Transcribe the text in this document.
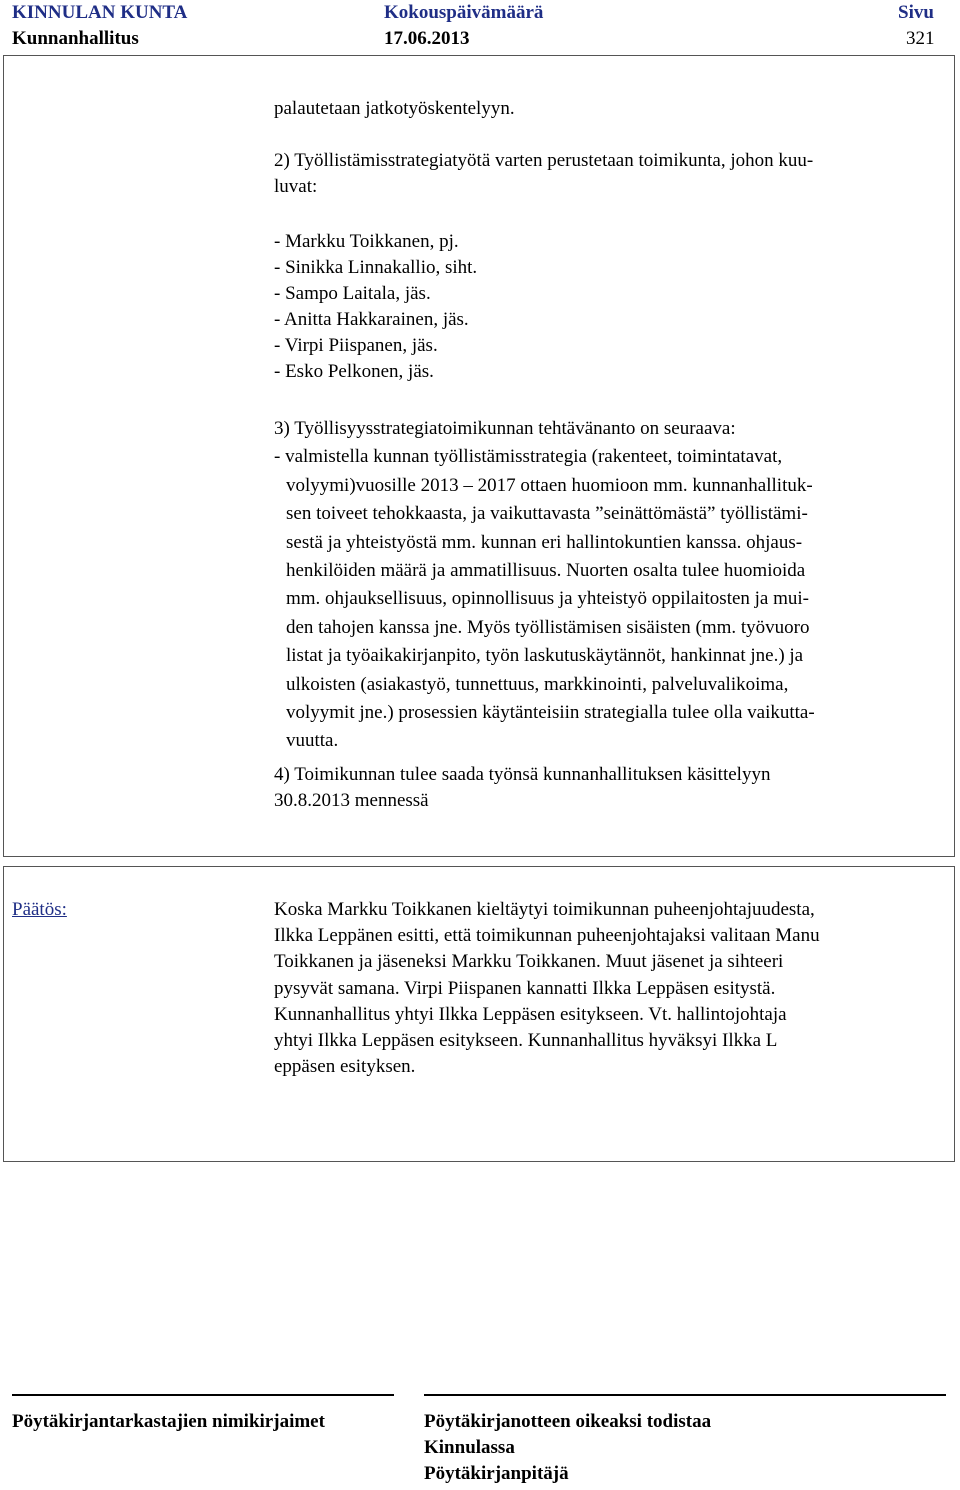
KINNULAN KUNTA
Kunnanhallitus
Kokouspäivämäärä
17.06.2013
Sivu
321
palautetaan jatkotyöskentelyyn.
2) Työllistämisstrategiatyötä varten perustetaan toimikunta, johon kuu-
luvat:
- Markku Toikkanen, pj.
- Sinikka Linnakallio, siht.
- Sampo Laitala, jäs.
- Anitta Hakkarainen, jäs.
- Virpi Piispanen, jäs.
- Esko Pelkonen, jäs.
3) Työllisyysstrategiatoimikunnan tehtävänanto on seuraava:
- valmistella kunnan työllistämisstrategia (rakenteet, toimintatavat,
volyymi)vuosille 2013 – 2017 ottaen huomioon mm. kunnanhallituk-
sen toiveet tehokkaasta, ja vaikuttavasta ”seinättömästä” työllistämi-
sestä ja yhteistyöstä mm. kunnan eri hallintokuntien kanssa. ohjaus-
henkilöiden määrä ja ammatillisuus. Nuorten osalta tulee huomioida
mm. ohjauksellisuus, opinnollisuus ja yhteistyö oppilaitosten ja mui-
den tahojen kanssa jne. Myös työllistämisen sisäisten (mm. työvuoro
listat ja työaikakirjanpito, työn laskutuskäytännöt, hankinnat jne.) ja
ulkoisten (asiakastyö, tunnettuus, markkinointi, palveluvalikoima,
volyymit jne.) prosessien käytänteisiin strategialla tulee olla vaikutta-
vuutta.
4) Toimikunnan tulee saada työnsä kunnanhallituksen käsittelyyn
30.8.2013 mennessä
Päätös:	Koska Markku Toikkanen kieltäytyi toimikunnan puheenjohtajuudesta,
Ilkka Leppänen esitti, että toimikunnan puheenjohtajaksi valitaan Manu
Toikkanen ja jäseneksi Markku Toikkanen. Muut jäsenet ja sihteeri
pysyvät samana. Virpi Piispanen kannatti Ilkka Leppäsen esitystä.
Kunnanhallitus yhtyi Ilkka Leppäsen esitykseen. Vt. hallintojohtaja
yhtyi Ilkka Leppäsen esitykseen. Kunnanhallitus hyväksyi Ilkka L
eppäsen esityksen.
Pöytäkirjantarkastajien nimikirjaimet	Pöytäkirjanotteen oikeaksi todistaa
Kinnulassa
Pöytäkirjanpitäjä
